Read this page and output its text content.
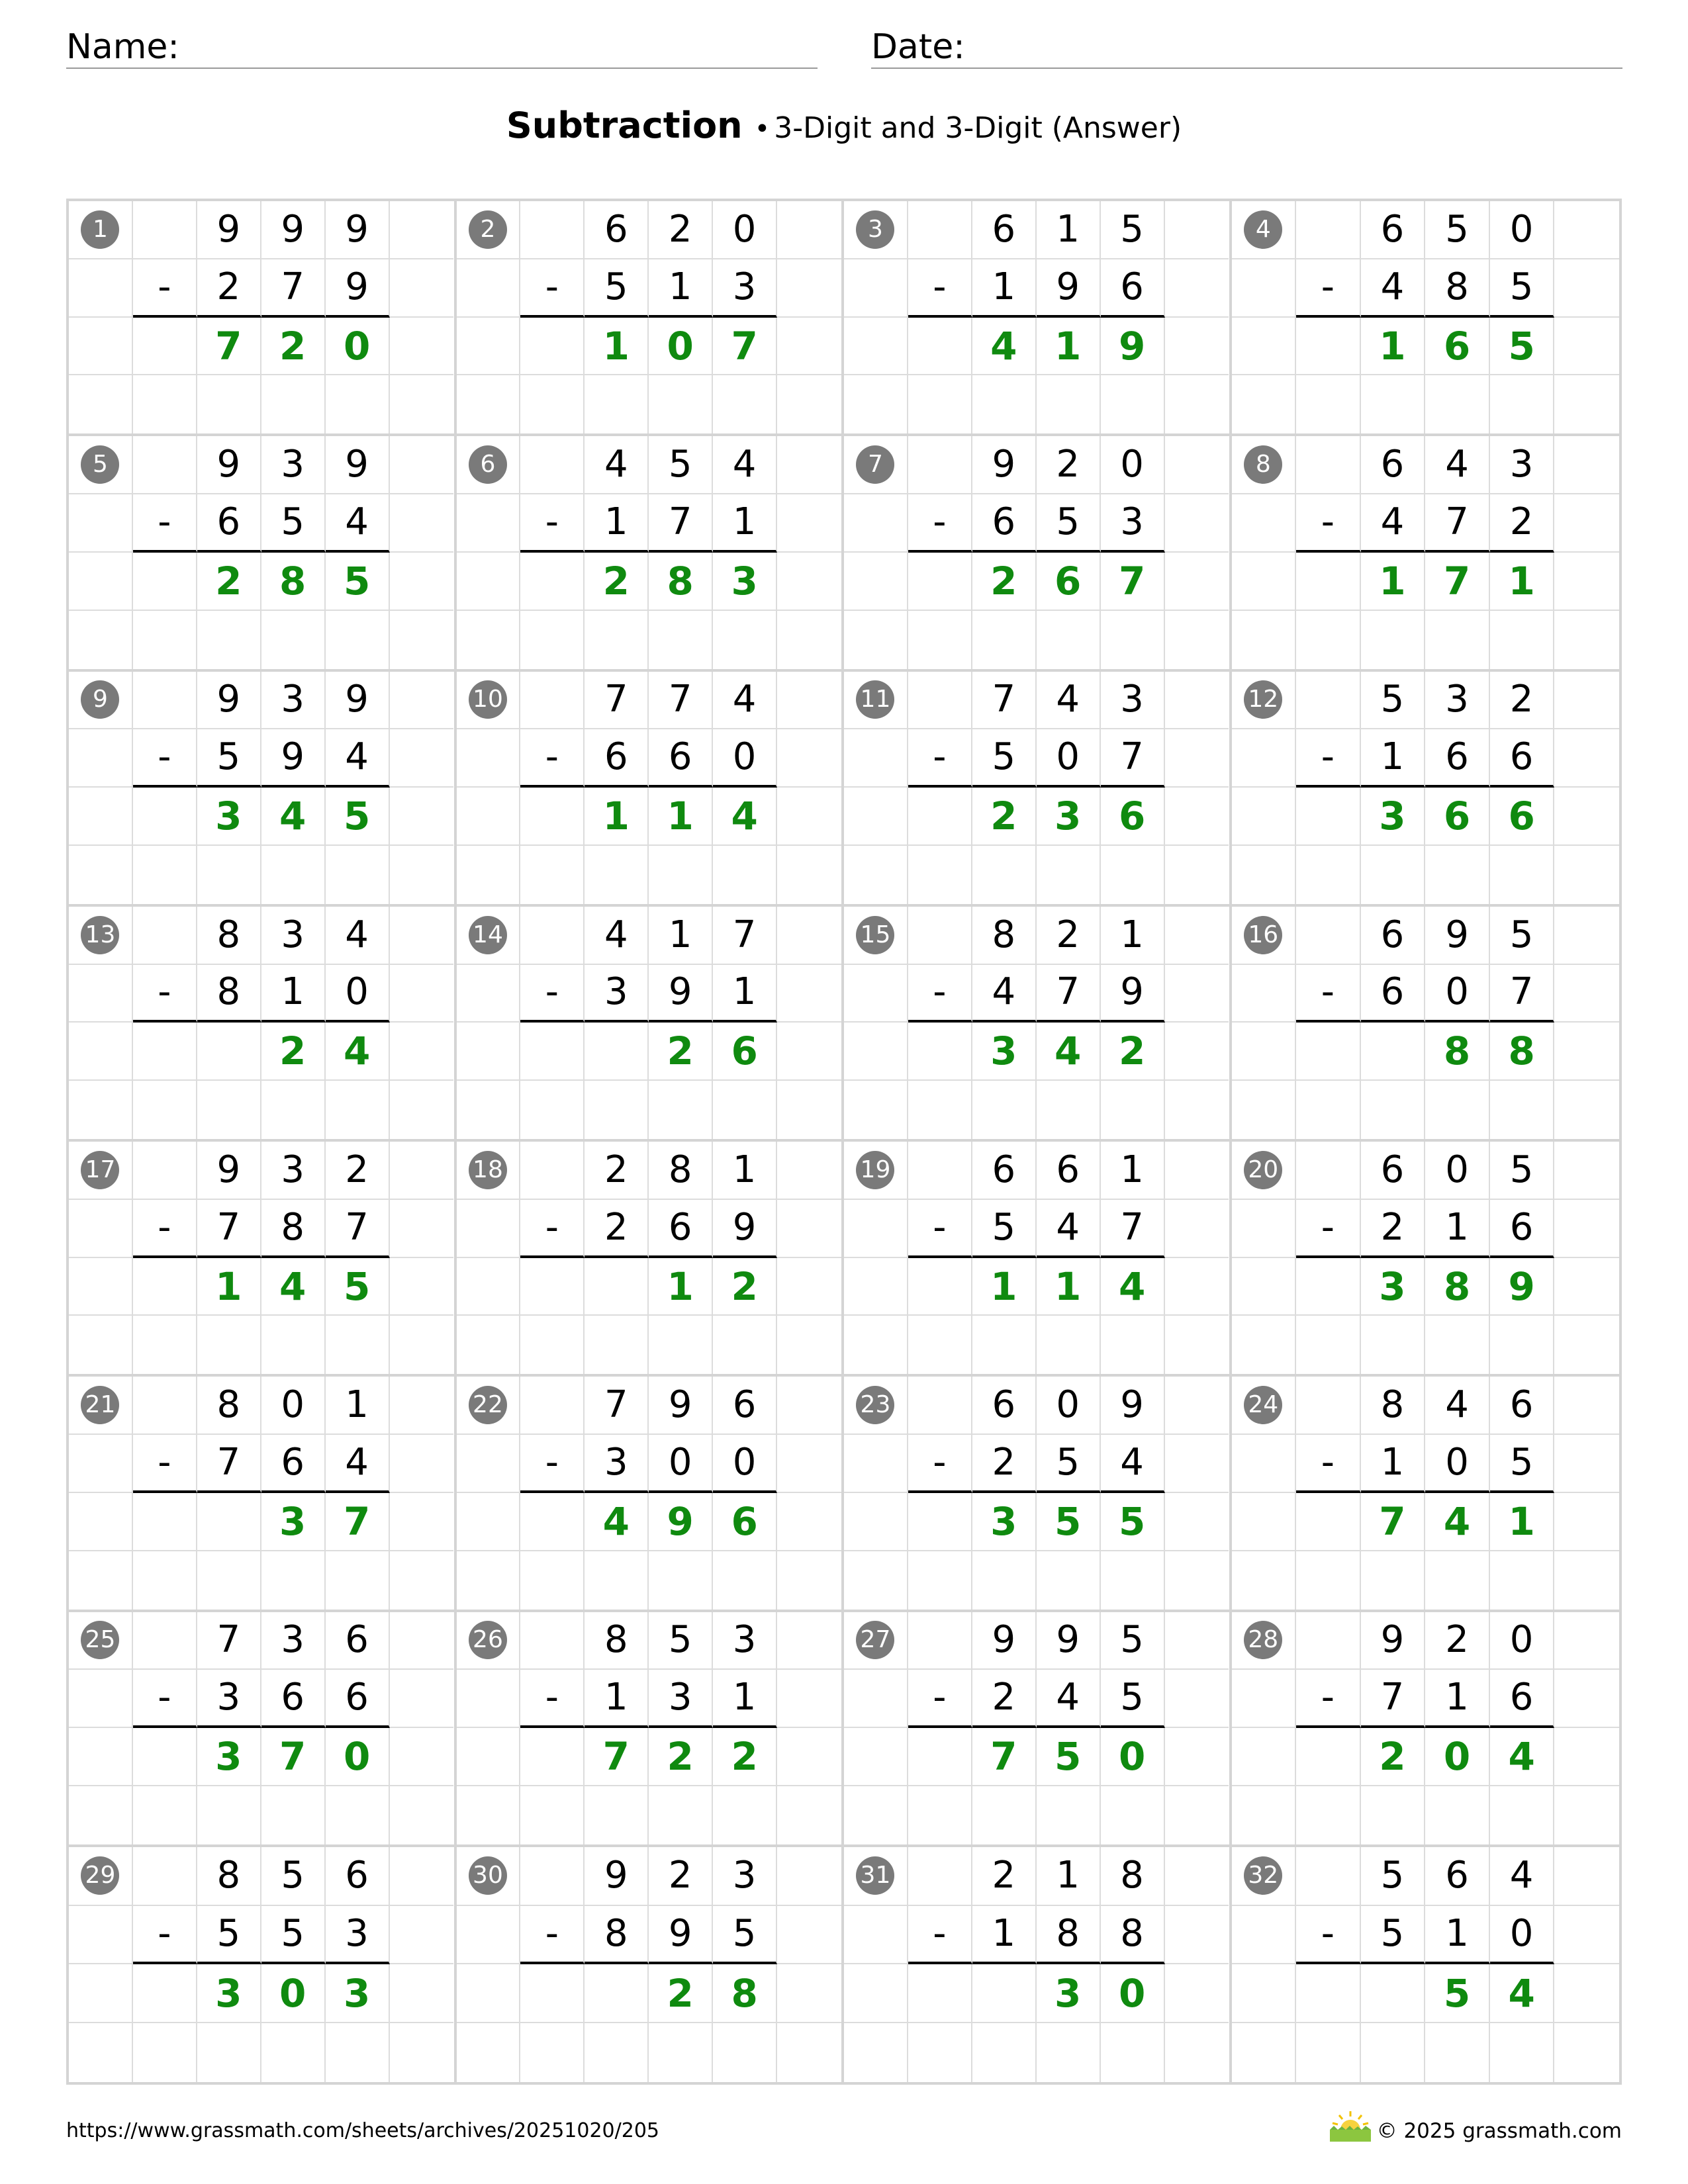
Name:	Date:
Subtraction • 3-Digit and 3-Digit (Answer)
1	9	9	9
-	2	7	9
7 2 0
2	6	2	0
-	5	1	3
1 0 7
3	6	1	5
-	1	9	6
4 1 9
4	6	5	0
-	4	8	5
1 6 5
5	9	3	9
-	6	5	4
2 8 5
6	4	5	4
-	1	7	1
2 8 3
7	9	2	0
-	6	5	3
2 6 7
8	6	4	3
-	4	7	2
1 7 1
9	9	3	9
-	5	9	4
3 4 5
10	7	7	4
-	6	6	0
1 1 4
11	7	4	3
-	5	0	7
2 3 6
12	5	3	2
-	1	6	6
3 6 6
13	8	3	4
-	8	1	0
2 4
14	4	1	7
-	3	9	1
2 6
15	8	2	1
-	4	7	9
3 4 2
16	6	9	5
-	6	0	7
8 8
17	9	3	2
-	7	8	7
1 4 5
18	2	8	1
-	2	6	9
1 2
19	6	6	1
-	5	4	7
1 1 4
20	6	0	5
-	2	1	6
3 8 9
21	8	0	1
-	7	6	4
3 7
22	7	9	6
-	3	0	0
4 9 6
23	6	0	9
-	2	5	4
3 5 5
24	8	4	6
-	1	0	5
7 4 1
25	7	3	6
-	3	6	6
3 7 0
26	8	5	3
-	1	3	1
7 2 2
27	9	9	5
-	2	4	5
7 5 0
28	9	2	0
-	7	1	6
2 0 4
29	8	5	6
-	5	5	3
3 0 3
30	9	2	3
-	8	9	5
2 8
31	2	1	8
-	1	8	8
3 0
32	5	6	4
-	5	1	0
5 4
https://www.grassmath.com/sheets/archives/20251020/205	© 2025 grassmath.com
